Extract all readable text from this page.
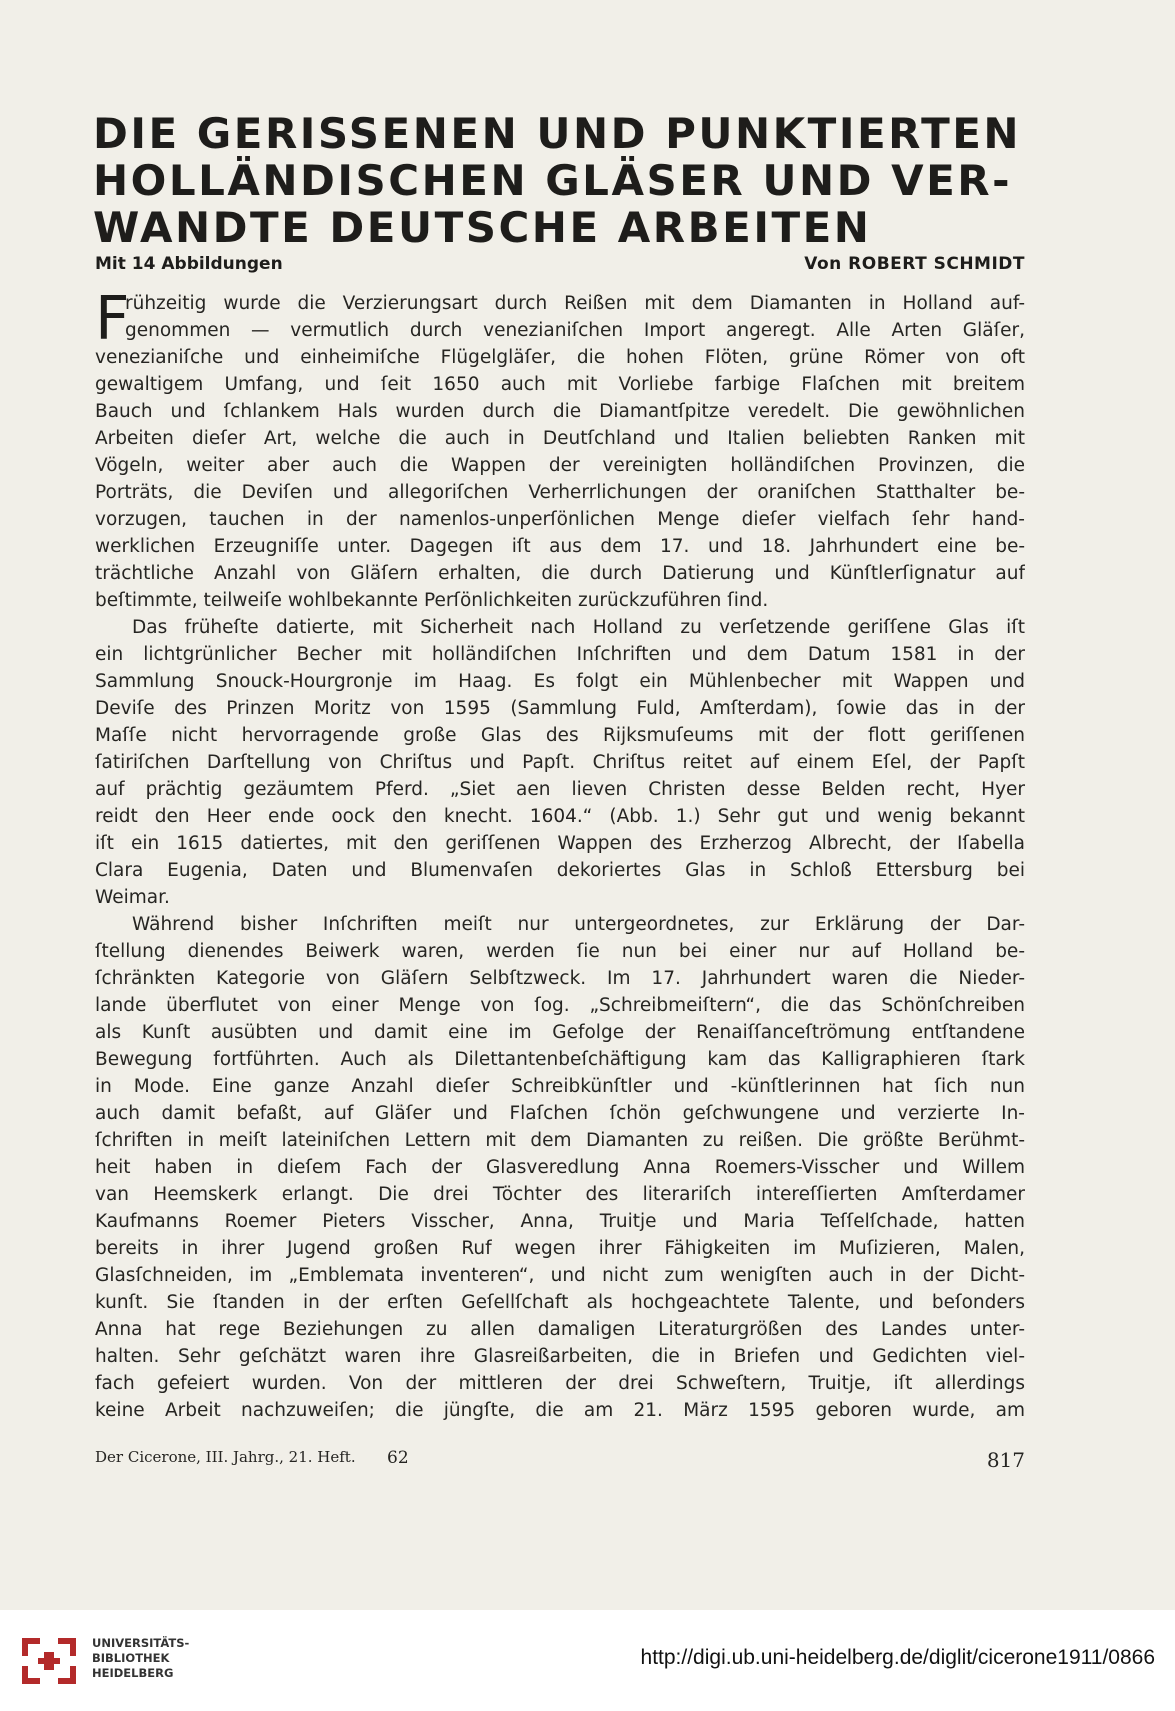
DIE GERISSENEN UND PUNKTIERTEN
HOLLÄNDISCHEN GLÄSER UND VER-
WANDTE DEUTSCHE ARBEITEN
Mit 14 Abbildungen	Von ROBERT SCHMIDT
F
rühzeitig wurde die Verzierungsart durch Reißen mit dem Diamanten in Holland auf-
genommen — vermutlich durch venezianiſchen Import angeregt. Alle Arten Gläſer,
venezianiſche und einheimiſche Flügelgläſer, die hohen Flöten, grüne Römer von oft
gewaltigem Umfang, und ſeit 1650 auch mit Vorliebe farbige Flaſchen mit breitem
Bauch und ſchlankem Hals wurden durch die Diamantſpitze veredelt. Die gewöhnlichen
Arbeiten dieſer Art, welche die auch in Deutſchland und Italien beliebten Ranken mit
Vögeln, weiter aber auch die Wappen der vereinigten holländiſchen Provinzen, die
Porträts, die Deviſen und allegoriſchen Verherrlichungen der oraniſchen Statthalter be-
vorzugen, tauchen in der namenlos-unperſönlichen Menge dieſer vielfach ſehr hand-
werklichen Erzeugniſſe unter. Dagegen iſt aus dem 17. und 18. Jahrhundert eine be-
trächtliche Anzahl von Gläſern erhalten, die durch Datierung und Künſtlerſignatur auf
beſtimmte, teilweiſe wohlbekannte Perſönlichkeiten zurückzuführen ſind.
Das früheſte datierte, mit Sicherheit nach Holland zu verſetzende geriſſene Glas iſt
ein lichtgrünlicher Becher mit holländiſchen Inſchriften und dem Datum 1581 in der
Sammlung Snouck-Hourgronje im Haag. Es folgt ein Mühlenbecher mit Wappen und
Deviſe des Prinzen Moritz von 1595 (Sammlung Fuld, Amſterdam), ſowie das in der
Maſſe nicht hervorragende große Glas des Rijksmuſeums mit der flott geriſſenen
ſatiriſchen Darſtellung von Chriſtus und Papſt. Chriſtus reitet auf einem Eſel, der Papſt
auf prächtig gezäumtem Pferd. „Siet aen lieven Christen desse Belden recht, Hyer
reidt den Heer ende oock den knecht. 1604.“ (Abb. 1.) Sehr gut und wenig bekannt
iſt ein 1615 datiertes, mit den geriſſenen Wappen des Erzherzog Albrecht, der Iſabella
Clara Eugenia, Daten und Blumenvaſen dekoriertes Glas in Schloß Ettersburg bei
Weimar.
Während bisher Inſchriften meiſt nur untergeordnetes, zur Erklärung der Dar-
ſtellung dienendes Beiwerk waren, werden ſie nun bei einer nur auf Holland be-
ſchränkten Kategorie von Gläſern Selbſtzweck. Im 17. Jahrhundert waren die Nieder-
lande überflutet von einer Menge von ſog. „Schreibmeiſtern“, die das Schönſchreiben
als Kunſt ausübten und damit eine im Gefolge der Renaiſſanceſtrömung entſtandene
Bewegung fortführten. Auch als Dilettantenbeſchäftigung kam das Kalligraphieren ſtark
in Mode. Eine ganze Anzahl dieſer Schreibkünſtler und -künſtlerinnen hat ſich nun
auch damit befaßt, auf Gläſer und Flaſchen ſchön geſchwungene und verzierte In-
ſchriften in meiſt lateiniſchen Lettern mit dem Diamanten zu reißen. Die größte Berühmt-
heit haben in dieſem Fach der Glasveredlung Anna Roemers-Visscher und Willem
van Heemskerk erlangt. Die drei Töchter des literariſch intereſſierten Amſterdamer
Kaufmanns Roemer Pieters Visscher, Anna, Truitje und Maria Teſſelſchade, hatten
bereits in ihrer Jugend großen Ruf wegen ihrer Fähigkeiten im Muſizieren, Malen,
Glasſchneiden, im „Emblemata inventeren“, und nicht zum wenigſten auch in der Dicht-
kunſt. Sie ſtanden in der erſten Geſellſchaft als hochgeachtete Talente, und beſonders
Anna hat rege Beziehungen zu allen damaligen Literaturgrößen des Landes unter-
halten. Sehr geſchätzt waren ihre Glasreißarbeiten, die in Briefen und Gedichten viel-
fach gefeiert wurden. Von der mittleren der drei Schweſtern, Truitje, iſt allerdings
keine Arbeit nachzuweiſen; die jüngſte, die am 21. März 1595 geboren wurde, am
Der Cicerone, III. Jahrg., 21. Heft. 62	817
UNIVERSITÄTS-
BIBLIOTHEK
HEIDELBERG
http://digi.ub.uni-heidelberg.de/diglit/cicerone1911/0866
